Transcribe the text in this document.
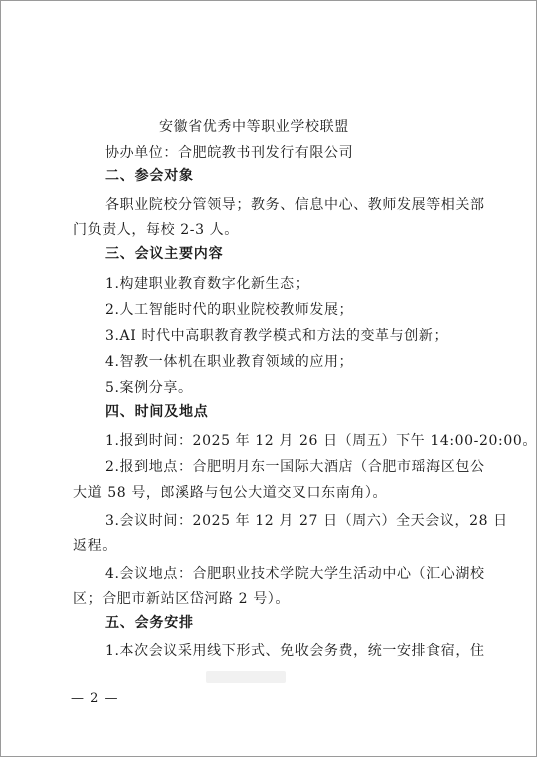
安徽省优秀中等职业学校联盟
协办单位：合肥皖教书刊发行有限公司
二、参会对象
各职业院校分管领导；教务、信息中心、教师发展等相关部
门负责人，每校 2-3 人。
三、会议主要内容
1.构建职业教育数字化新生态；
2.人工智能时代的职业院校教师发展；
3.AI 时代中高职教育教学模式和方法的变革与创新；
4.智教一体机在职业教育领域的应用；
5.案例分享。
四、时间及地点
1.报到时间：2025 年 12 月 26 日（周五）下午 14:00-20:00。
2.报到地点：合肥明月东一国际大酒店（合肥市瑶海区包公
大道 58 号，郎溪路与包公大道交叉口东南角）。
3.会议时间：2025 年 12 月 27 日（周六）全天会议，28 日
返程。
4.会议地点：合肥职业技术学院大学生活动中心（汇心湖校
区；合肥市新站区岱河路 2 号）。
五、会务安排
1.本次会议采用线下形式、免收会务费，统一安排食宿，住
— 2 —
